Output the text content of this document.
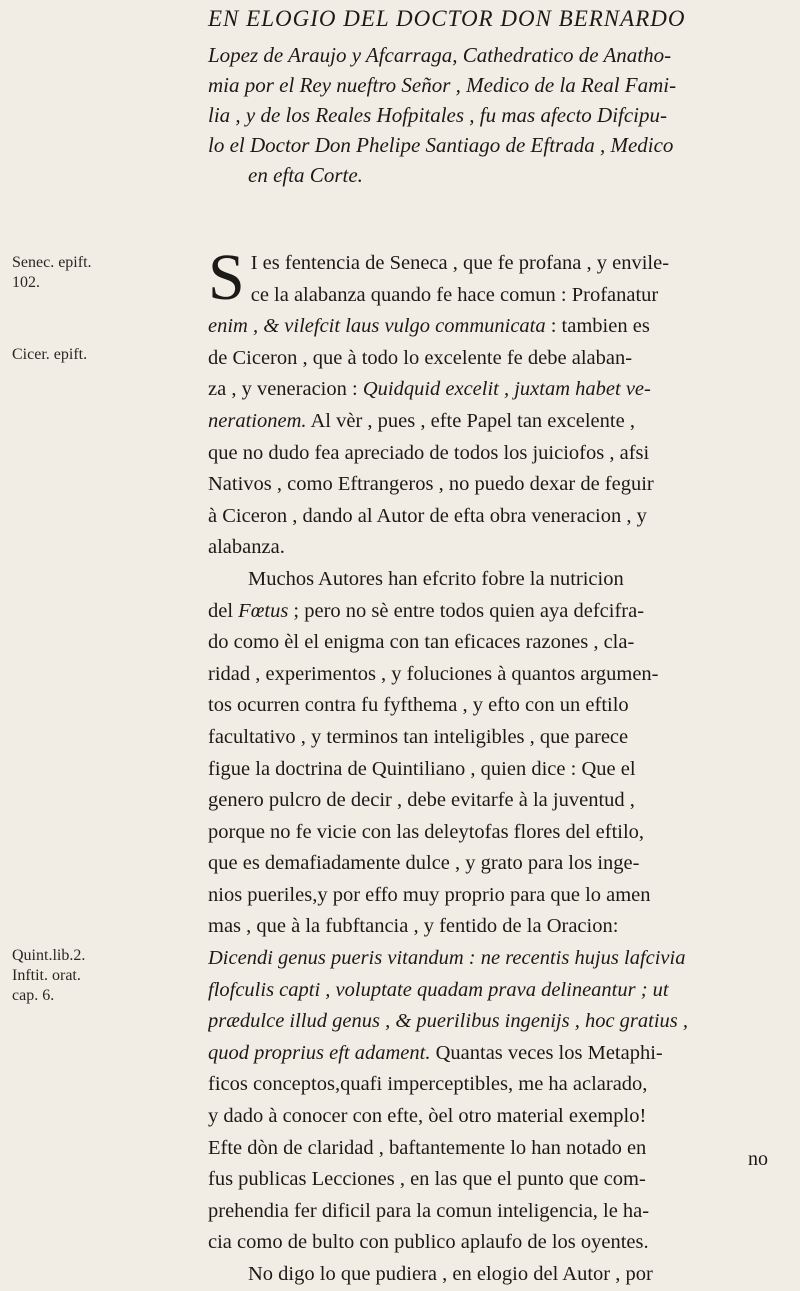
EN ELOGIO DEL DOCTOR DON BERNARDO
Lopez de Araujo y Afcarraga, Cathedratico de Anatho-
mia por el Rey nueftro Señor , Medico de la Real Fami-
lia , y de los Reales Hofpitales , fu mas afecto Difcipu-
lo el Doctor Don Phelipe Santiago de Eftrada , Medico
en efta Corte.
Senec. epift.
102.
Cicer. epift.
Quint.lib.2.
Inftit. orat.
cap. 6.
S I es fentencia de Seneca , que fe profana , y envile-
ce la alabanza quando fe hace comun : Profanatur
enim , & vilefcit laus vulgo communicata : tambien es
de Ciceron , que à todo lo excelente fe debe alaban-
za , y veneracion : Quidquid excelit , juxtam habet ve-
nerationem. Al vèr , pues , efte Papel tan excelente ,
que no dudo fea apreciado de todos los juiciofos , afsi
Nativos , como Eftrangeros , no puedo dexar de feguir
à Ciceron , dando al Autor de efta obra veneracion , y
alabanza.
Muchos Autores han efcrito fobre la nutricion
del Fœtus ; pero no sè entre todos quien aya defcifra-
do como èl el enigma con tan eficaces razones , cla-
ridad , experimentos , y foluciones à quantos argumen-
tos ocurren contra fu fyfthema , y efto con un eftilo
facultativo , y terminos tan inteligibles , que parece
figue la doctrina de Quintiliano , quien dice : Que el
genero pulcro de decir , debe evitarfe à la juventud ,
porque no fe vicie con las deleytofas flores del eftilo,
que es demafiadamente dulce , y grato para los inge-
nios pueriles,y por effo muy proprio para que lo amen
mas , que à la fubftancia , y fentido de la Oracion:
Dicendi genus pueris vitandum : ne recentis hujus lafcivia
flofculis capti , voluptate quadam prava delineantur ; ut
prædulce illud genus , & puerilibus ingenijs , hoc gratius ,
quod proprius eft adament. Quantas veces los Metaphi-
ficos conceptos,quafi imperceptibles, me ha aclarado,
y dado à conocer con efte, òel otro material exemplo!
Efte dòn de claridad , baftantemente lo han notado en
fus publicas Lecciones , en las que el punto que com-
prehendia fer dificil para la comun inteligencia, le ha-
cia como de bulto con publico aplaufo de los oyentes.
No digo lo que pudiera , en elogio del Autor , por
no
